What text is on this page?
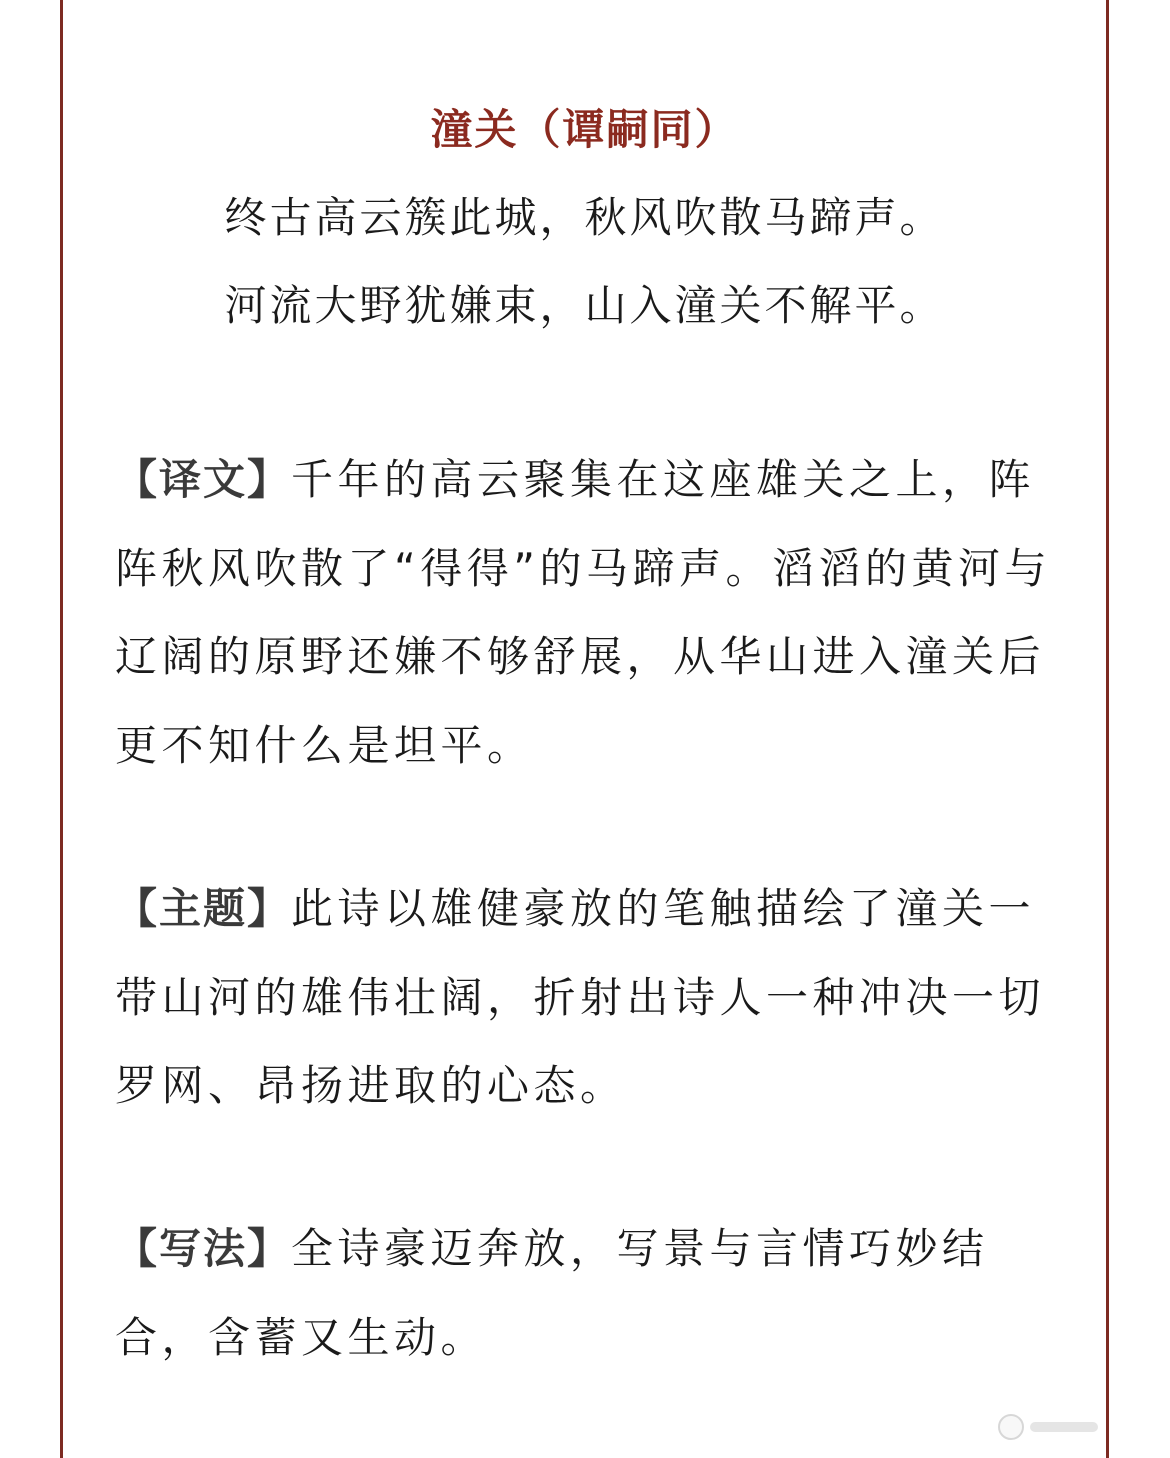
潼关（谭嗣同）
终古高云簇此城，秋风吹散马蹄声。
河流大野犹嫌束，山入潼关不解平。
【译文】千年的高云聚集在这座雄关之上，阵阵秋风吹散了“得得”的马蹄声。滔滔的黄河与辽阔的原野还嫌不够舒展，从华山进入潼关后更不知什么是坦平。
【主题】此诗以雄健豪放的笔触描绘了潼关一带山河的雄伟壮阔，折射出诗人一种冲决一切罗网、昂扬进取的心态。
【写法】全诗豪迈奔放，写景与言情巧妙结合，含蓄又生动。
